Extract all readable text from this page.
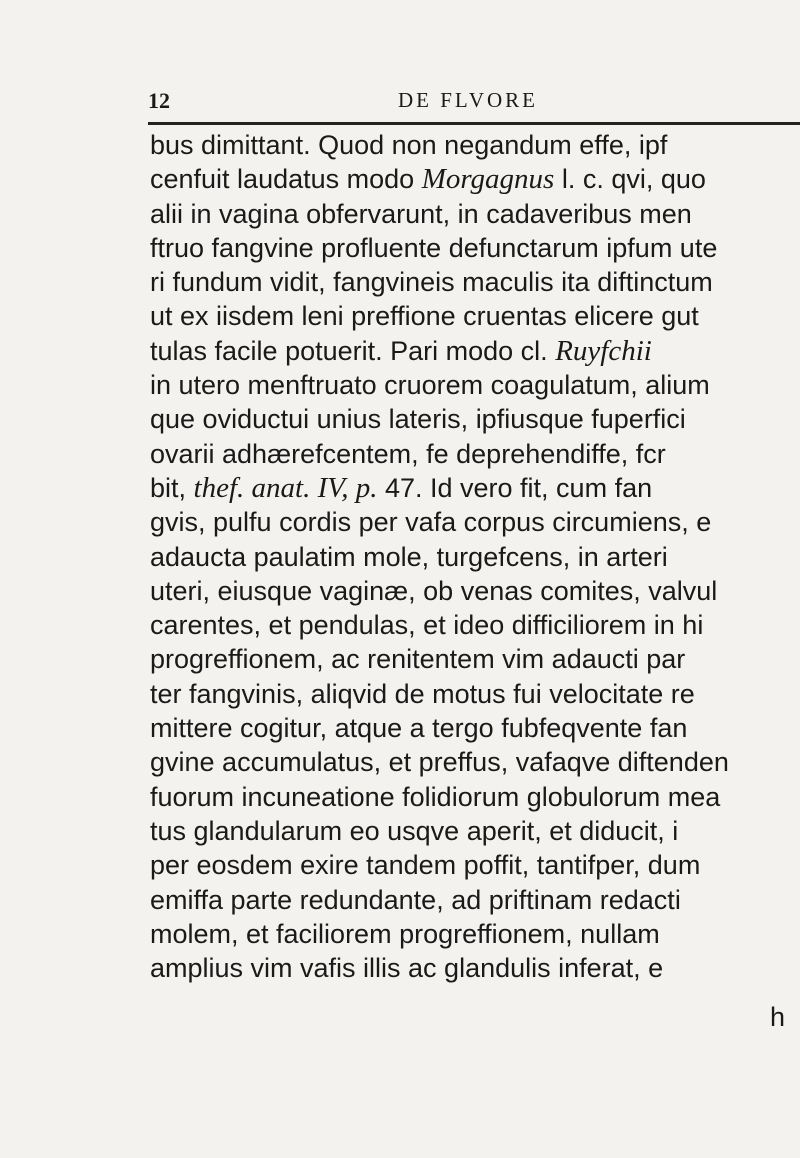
12	DE FLVORE
bus dimittant. Quod non negandum effe, ipf
cenfuit laudatus modo Morgagnus l. c. qvi, quo
alii in vagina obfervarunt, in cadaveribus men
ftruo fangvine profluente defunctarum ipfum ute
ri fundum vidit, fangvineis maculis ita diftinctum
ut ex iisdem leni preffione cruentas elicere gut
tulas facile potuerit. Pari modo cl. Ruyfchii
in utero menftruato cruorem coagulatum, alium
que oviductui unius lateris, ipfiusque fuperfici
ovarii adhærefcentem, fe deprehendiffe, fcr
bit, thef. anat. IV, p. 47. Id vero fit, cum fan
gvis, pulfu cordis per vafa corpus circumiens, e
adaucta paulatim mole, turgefcens, in arteri
uteri, eiusque vaginæ, ob venas comites, valvul
carentes, et pendulas, et ideo difficiliorem in hi
progreffionem, ac renitentem vim adaucti par
ter fangvinis, aliqvid de motus fui velocitate re
mittere cogitur, atque a tergo fubfeqvente fan
gvine accumulatus, et preffus, vafaqve diftenden
fuorum incuneatione folidiorum globulorum mea
tus glandularum eo usqve aperit, et diducit, i
per eosdem exire tandem poffit, tantifper, dum
emiffa parte redundante, ad priftinam redacti
molem, et faciliorem progreffionem, nullam
amplius vim vafis illis ac glandulis inferat, e
h
